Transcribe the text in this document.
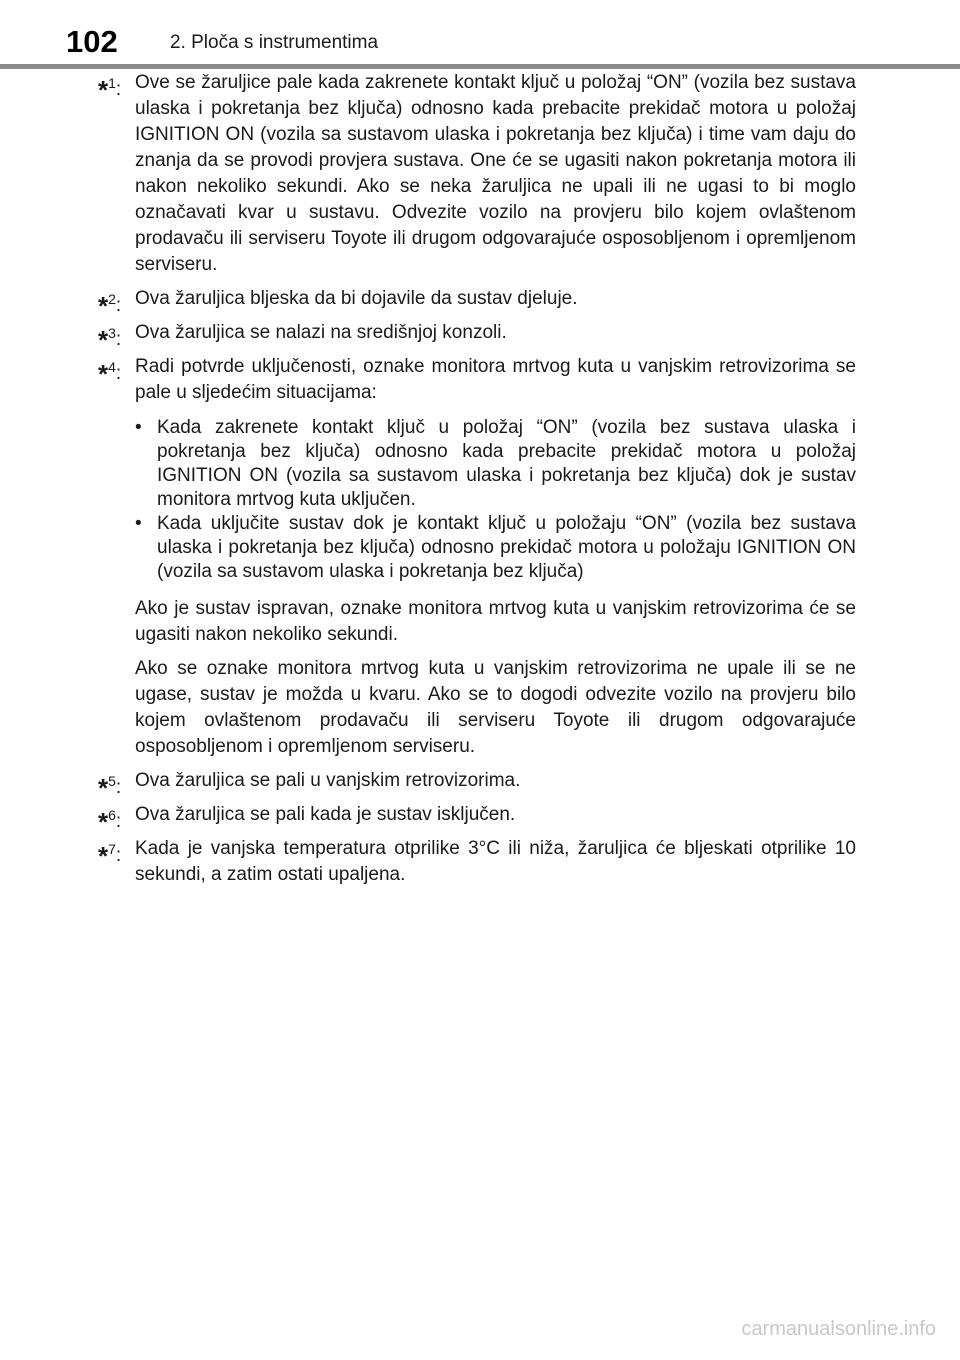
102	2. Ploča s instrumentima
*$^1$: Ove se žaruljice pale kada zakrenete kontakt ključ u položaj “ON” (vozila bez sustava ulaska i pokretanja bez ključa) odnosno kada prebacite prekidač motora u položaj IGNITION ON (vozila sa sustavom ulaska i pokretanja bez ključa) i time vam daju do znanja da se provodi provjera sustava. One će se ugasiti nakon pokretanja motora ili nakon nekoliko sekundi. Ako se neka žaruljica ne upali ili ne ugasi to bi moglo označavati kvar u sustavu. Odvezite vozilo na provjeru bilo kojem ovlaštenom prodavaču ili serviseru Toyote ili drugom odgovarajuće osposobljenom i opremljenom serviseru.

*$^2$: Ova žaruljica bljeska da bi dojavile da sustav djeluje.

*$^3$: Ova žaruljica se nalazi na središnjoj konzoli.

*$^4$: Radi potvrde uključenosti, oznake monitora mrtvog kuta u vanjskim retrovizorima se pale u sljedećim situacijama:

• Kada zakrenete kontakt ključ u položaj “ON” (vozila bez sustava ulaska i pokretanja bez ključa) odnosno kada prebacite prekidač motora u položaj IGNITION ON (vozila sa sustavom ulaska i pokretanja bez ključa) dok je sustav monitora mrtvog kuta uključen.
• Kada uključite sustav dok je kontakt ključ u položaju “ON” (vozila bez sustava ulaska i pokretanja bez ključa) odnosno prekidač motora u položaju IGNITION ON (vozila sa sustavom ulaska i pokretanja bez ključa)

Ako je sustav ispravan, oznake monitora mrtvog kuta u vanjskim retrovizorima će se ugasiti nakon nekoliko sekundi.

Ako se oznake monitora mrtvog kuta u vanjskim retrovizorima ne upale ili se ne ugase, sustav je možda u kvaru. Ako se to dogodi odvezite vozilo na provjeru bilo kojem ovlaštenom prodavaču ili serviseru Toyote ili drugom odgovarajuće osposobljenom i opremljenom serviseru.

*$^5$: Ova žaruljica se pali u vanjskim retrovizorima.

*$^6$: Ova žaruljica se pali kada je sustav isključen.

*$^7$: Kada je vanjska temperatura otprilike 3°C ili niža, žaruljica će bljeskati otprilike 10 sekundi, a zatim ostati upaljena.

carmanualsonline.info
